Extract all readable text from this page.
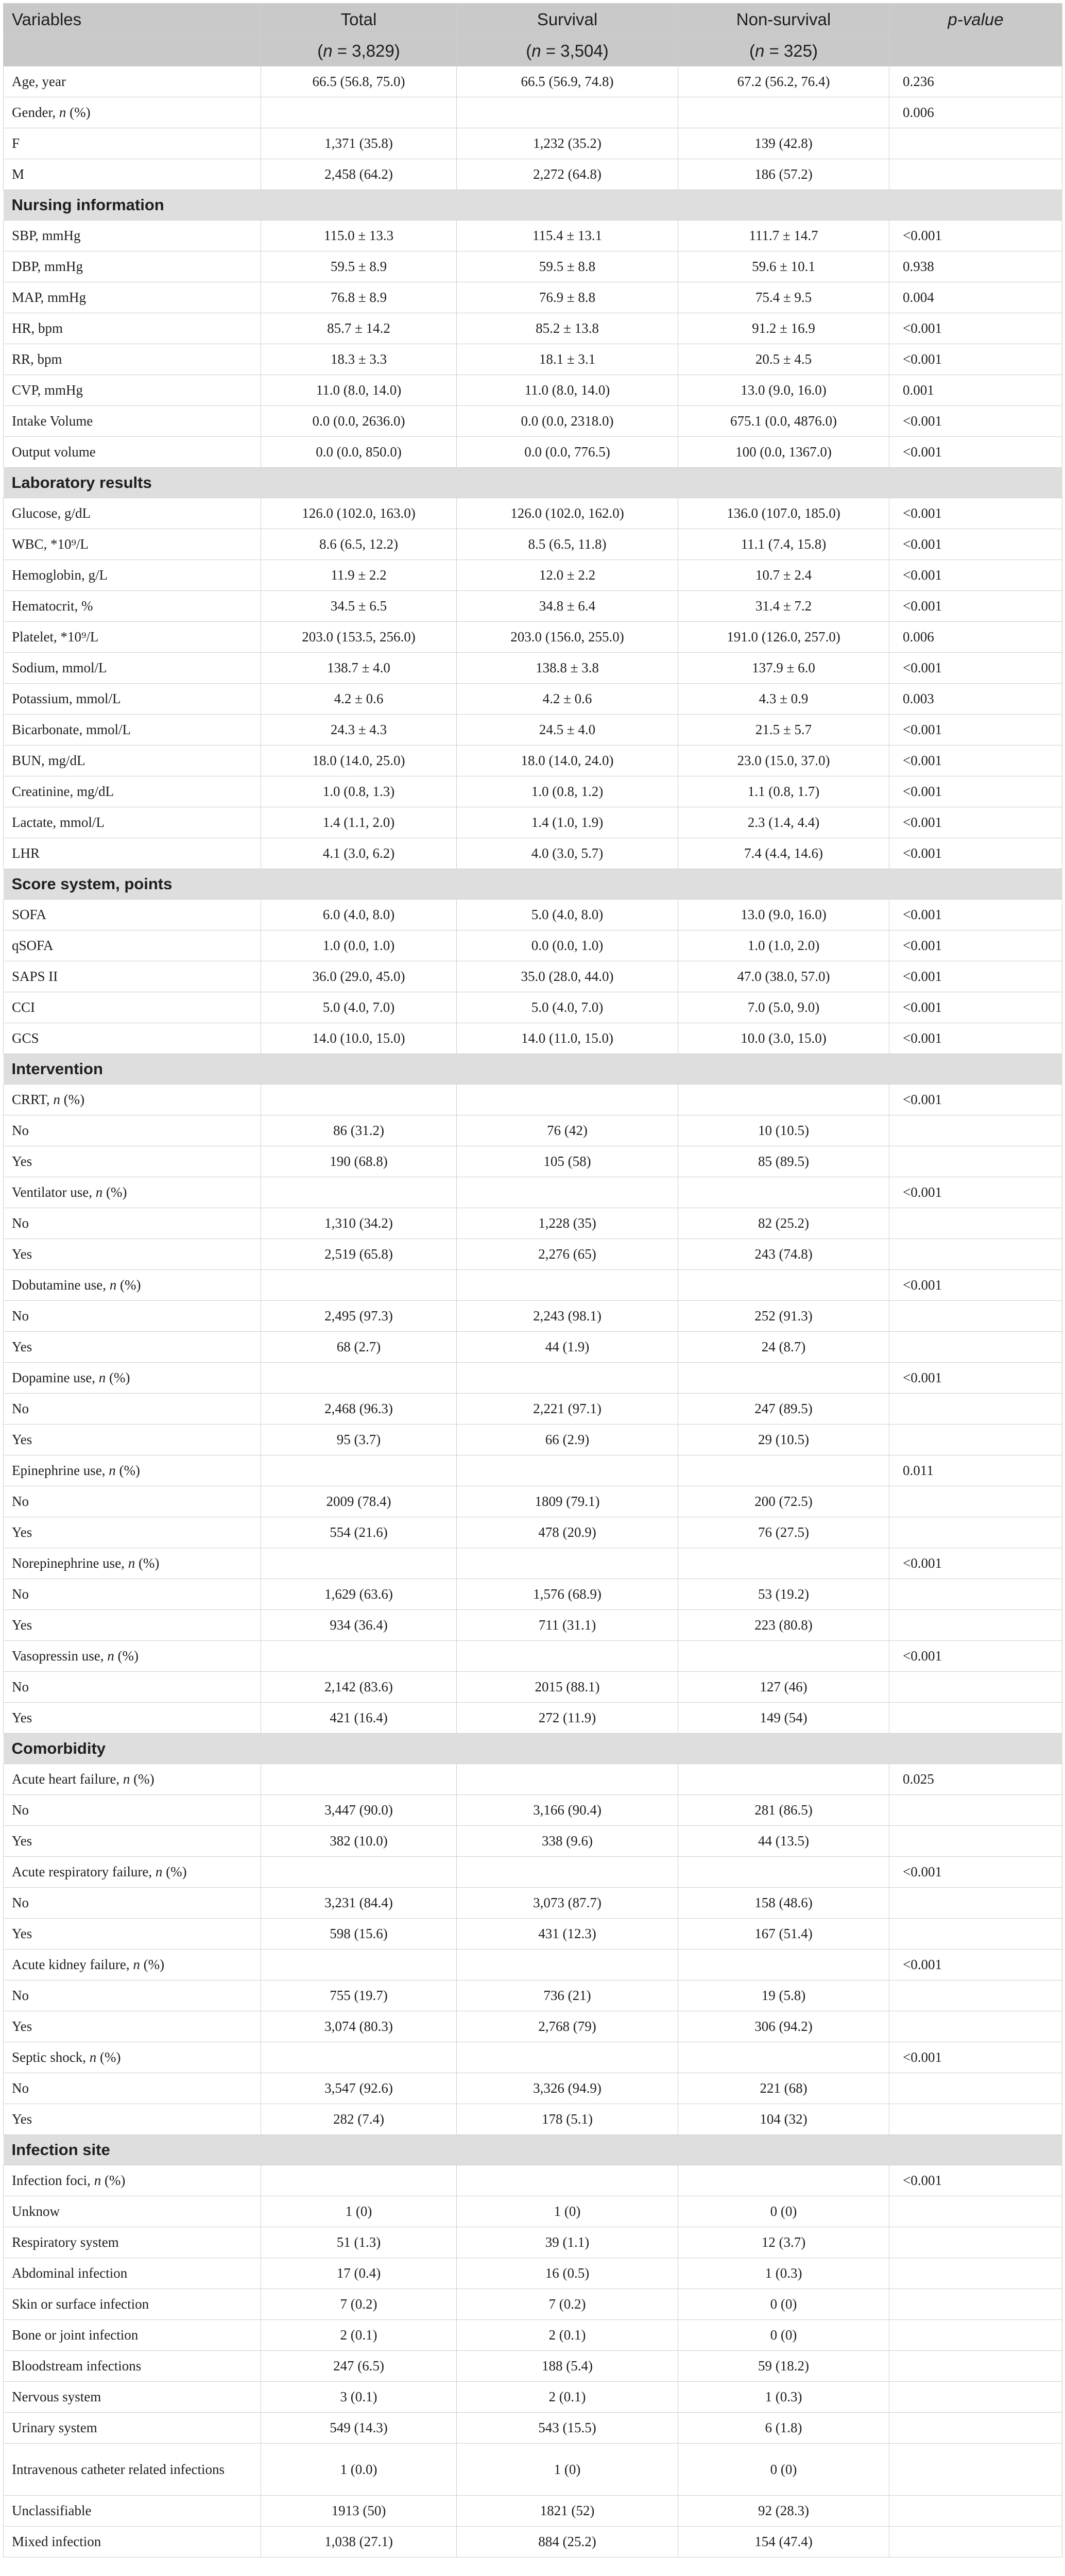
Variables	Total	Survival	Non-survival	p-value
	(n = 3,829)	(n = 3,504)	(n = 325)	
Age, year	66.5 (56.8, 75.0)	66.5 (56.9, 74.8)	67.2 (56.2, 76.4)	0.236
Gender, n (%)				0.006
F	1,371 (35.8)	1,232 (35.2)	139 (42.8)	
M	2,458 (64.2)	2,272 (64.8)	186 (57.2)	
Nursing information				
SBP, mmHg	115.0 ± 13.3	115.4 ± 13.1	111.7 ± 14.7	<0.001
DBP, mmHg	59.5 ± 8.9	59.5 ± 8.8	59.6 ± 10.1	0.938
MAP, mmHg	76.8 ± 8.9	76.9 ± 8.8	75.4 ± 9.5	0.004
HR, bpm	85.7 ± 14.2	85.2 ± 13.8	91.2 ± 16.9	<0.001
RR, bpm	18.3 ± 3.3	18.1 ± 3.1	20.5 ± 4.5	<0.001
CVP, mmHg	11.0 (8.0, 14.0)	11.0 (8.0, 14.0)	13.0 (9.0, 16.0)	0.001
Intake Volume	0.0 (0.0, 2636.0)	0.0 (0.0, 2318.0)	675.1 (0.0, 4876.0)	<0.001
Output volume	0.0 (0.0, 850.0)	0.0 (0.0, 776.5)	100 (0.0, 1367.0)	<0.001
Laboratory results				
Glucose, g/dL	126.0 (102.0, 163.0)	126.0 (102.0, 162.0)	136.0 (107.0, 185.0)	<0.001
WBC, *10⁹/L	8.6 (6.5, 12.2)	8.5 (6.5, 11.8)	11.1 (7.4, 15.8)	<0.001
Hemoglobin, g/L	11.9 ± 2.2	12.0 ± 2.2	10.7 ± 2.4	<0.001
Hematocrit, %	34.5 ± 6.5	34.8 ± 6.4	31.4 ± 7.2	<0.001
Platelet, *10⁹/L	203.0 (153.5, 256.0)	203.0 (156.0, 255.0)	191.0 (126.0, 257.0)	0.006
Sodium, mmol/L	138.7 ± 4.0	138.8 ± 3.8	137.9 ± 6.0	<0.001
Potassium, mmol/L	4.2 ± 0.6	4.2 ± 0.6	4.3 ± 0.9	0.003
Bicarbonate, mmol/L	24.3 ± 4.3	24.5 ± 4.0	21.5 ± 5.7	<0.001
BUN, mg/dL	18.0 (14.0, 25.0)	18.0 (14.0, 24.0)	23.0 (15.0, 37.0)	<0.001
Creatinine, mg/dL	1.0 (0.8, 1.3)	1.0 (0.8, 1.2)	1.1 (0.8, 1.7)	<0.001
Lactate, mmol/L	1.4 (1.1, 2.0)	1.4 (1.0, 1.9)	2.3 (1.4, 4.4)	<0.001
LHR	4.1 (3.0, 6.2)	4.0 (3.0, 5.7)	7.4 (4.4, 14.6)	<0.001
Score system, points				
SOFA	6.0 (4.0, 8.0)	5.0 (4.0, 8.0)	13.0 (9.0, 16.0)	<0.001
qSOFA	1.0 (0.0, 1.0)	0.0 (0.0, 1.0)	1.0 (1.0, 2.0)	<0.001
SAPS II	36.0 (29.0, 45.0)	35.0 (28.0, 44.0)	47.0 (38.0, 57.0)	<0.001
CCI	5.0 (4.0, 7.0)	5.0 (4.0, 7.0)	7.0 (5.0, 9.0)	<0.001
GCS	14.0 (10.0, 15.0)	14.0 (11.0, 15.0)	10.0 (3.0, 15.0)	<0.001
Intervention				
CRRT, n (%)				<0.001
No	86 (31.2)	76 (42)	10 (10.5)	
Yes	190 (68.8)	105 (58)	85 (89.5)	
Ventilator use, n (%)				<0.001
No	1,310 (34.2)	1,228 (35)	82 (25.2)	
Yes	2,519 (65.8)	2,276 (65)	243 (74.8)	
Dobutamine use, n (%)				<0.001
No	2,495 (97.3)	2,243 (98.1)	252 (91.3)	
Yes	68 (2.7)	44 (1.9)	24 (8.7)	
Dopamine use, n (%)				<0.001
No	2,468 (96.3)	2,221 (97.1)	247 (89.5)	
Yes	95 (3.7)	66 (2.9)	29 (10.5)	
Epinephrine use, n (%)				0.011
No	2009 (78.4)	1809 (79.1)	200 (72.5)	
Yes	554 (21.6)	478 (20.9)	76 (27.5)	
Norepinephrine use, n (%)				<0.001
No	1,629 (63.6)	1,576 (68.9)	53 (19.2)	
Yes	934 (36.4)	711 (31.1)	223 (80.8)	
Vasopressin use, n (%)				<0.001
No	2,142 (83.6)	2015 (88.1)	127 (46)	
Yes	421 (16.4)	272 (11.9)	149 (54)	
Comorbidity				
Acute heart failure, n (%)				0.025
No	3,447 (90.0)	3,166 (90.4)	281 (86.5)	
Yes	382 (10.0)	338 (9.6)	44 (13.5)	
Acute respiratory failure, n (%)				<0.001
No	3,231 (84.4)	3,073 (87.7)	158 (48.6)	
Yes	598 (15.6)	431 (12.3)	167 (51.4)	
Acute kidney failure, n (%)				<0.001
No	755 (19.7)	736 (21)	19 (5.8)	
Yes	3,074 (80.3)	2,768 (79)	306 (94.2)	
Septic shock, n (%)				<0.001
No	3,547 (92.6)	3,326 (94.9)	221 (68)	
Yes	282 (7.4)	178 (5.1)	104 (32)	
Infection site				
Infection foci, n (%)				<0.001
Unknow	1 (0)	1 (0)	0 (0)	
Respiratory system	51 (1.3)	39 (1.1)	12 (3.7)	
Abdominal infection	17 (0.4)	16 (0.5)	1 (0.3)	
Skin or surface infection	7 (0.2)	7 (0.2)	0 (0)	
Bone or joint infection	2 (0.1)	2 (0.1)	0 (0)	
Bloodstream infections	247 (6.5)	188 (5.4)	59 (18.2)	
Nervous system	3 (0.1)	2 (0.1)	1 (0.3)	
Urinary system	549 (14.3)	543 (15.5)	6 (1.8)	
Intravenous catheter related infections	1 (0.0)	1 (0)	0 (0)	
Unclassifiable	1913 (50)	1821 (52)	92 (28.3)	
Mixed infection	1,038 (27.1)	884 (25.2)	154 (47.4)	
